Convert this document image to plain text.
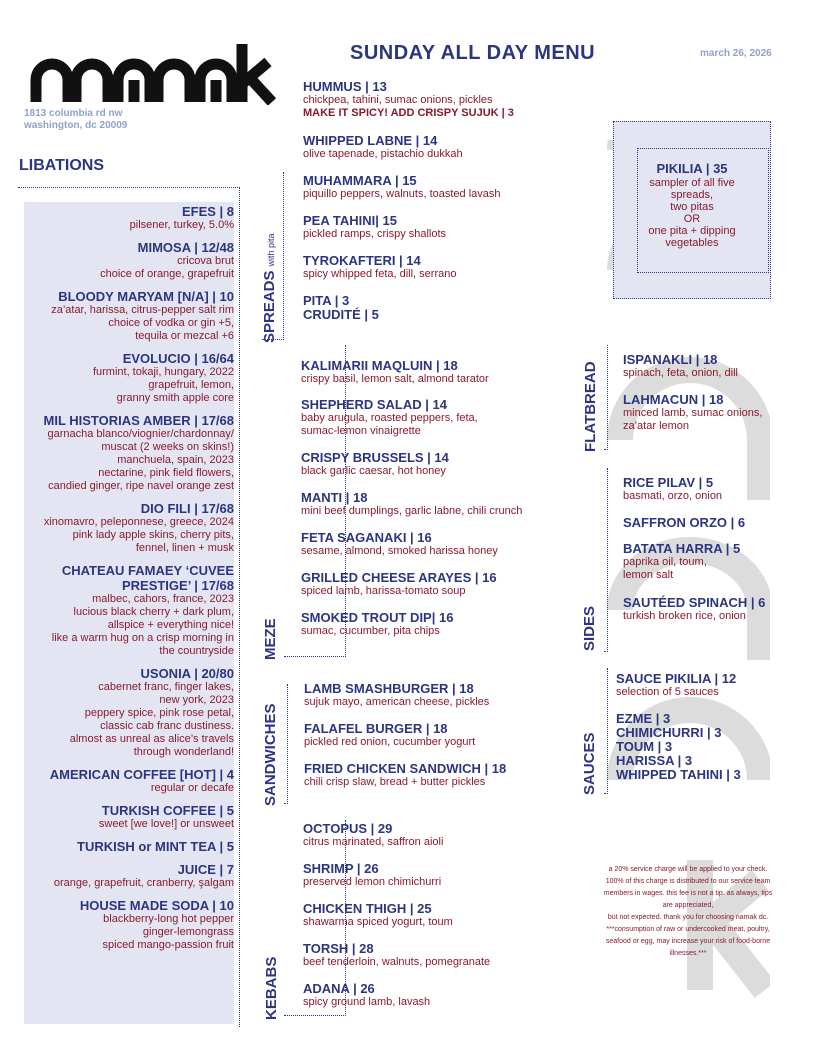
1813 columbia rd nw
washington, dc 20009
SUNDAY ALL DAY MENU	march 26, 2026
LIBATIONS
EFES | 8
pilsener, turkey, 5.0%
MIMOSA | 12/48
cricova brut
choice of orange, grapefruit
BLOODY MARYAM [N/A] | 10
za’atar, harissa, citrus-pepper salt rim
choice of vodka or gin +5,
tequila or mezcal +6
EVOLUCIO | 16/64
furmint, tokaji, hungary, 2022
grapefruit, lemon,
granny smith apple core
MIL HISTORIAS AMBER | 17/68
garnacha blanco/viognier/chardonnay/
muscat (2 weeks on skins!)
manchuela, spain, 2023
nectarine, pink field flowers,
candied ginger, ripe navel orange zest
DIO FILI | 17/68
xinomavro, peleponnese, greece, 2024
pink lady apple skins, cherry pits,
fennel, linen + musk
CHATEAU FAMAEY ‘CUVEE
PRESTIGE’ | 17/68
malbec, cahors, france, 2023
lucious black cherry + dark plum,
allspice + everything nice!
like a warm hug on a crisp morning in
the countryside
USONIA | 20/80
cabernet franc, finger lakes,
new york, 2023
peppery spice, pink rose petal,
classic cab franc dustiness.
almost as unreal as alice’s travels
through wonderland!
AMERICAN COFFEE [HOT] | 4
regular or decafe
TURKISH COFFEE | 5
sweet [we love!] or unsweet
TURKISH or MINT TEA | 5
JUICE | 7
orange, grapefruit, cranberry, şalgam
HOUSE MADE SODA | 10
blackberry-long hot pepper
ginger-lemongrass
spiced mango-passion fruit
SPREADSwith pita
MEZE
SANDWICHES
KEBABS
FLATBREAD
SIDES
SAUCES
HUMMUS | 13
chickpea, tahini, sumac onions, pickles
MAKE IT SPICY! ADD CRISPY SUJUK | 3
WHIPPED LABNE | 14
olive tapenade, pistachio dukkah
MUHAMMARA | 15
piquillo peppers, walnuts, toasted lavash
PEA TAHINI| 15
pickled ramps, crispy shallots
TYROKAFTERI | 14
spicy whipped feta, dill, serrano
PITA | 3
CRUDITÉ | 5
KALIMARII MAQLUIN | 18
crispy basil, lemon salt, almond tarator
SHEPHERD SALAD | 14
baby arugula, roasted peppers, feta,
sumac-lemon vinaigrette
CRISPY BRUSSELS | 14
black garlic caesar, hot honey
MANTI | 18
mini beef dumplings, garlic labne, chili crunch
FETA SAGANAKI | 16
sesame, almond, smoked harissa honey
GRILLED CHEESE ARAYES | 16
spiced lamb, harissa-tomato soup
SMOKED TROUT DIP| 16
sumac, cucumber, pita chips
LAMB SMASHBURGER | 18
sujuk mayo, american cheese, pickles
FALAFEL BURGER | 18
pickled red onion, cucumber yogurt
FRIED CHICKEN SANDWICH | 18
chili crisp slaw, bread + butter pickles
OCTOPUS | 29
citrus marinated, saffron aioli
SHRIMP | 26
preserved lemon chimichurri
CHICKEN THIGH | 25
shawarma spiced yogurt, toum
TORSH | 28
beef tenderloin, walnuts, pomegranate
ADANA | 26
spicy ground lamb, lavash
PIKILIA | 35
sampler of all five
spreads,
two pitas
OR
one pita + dipping
vegetables
ISPANAKLI | 18
spinach, feta, onion, dill
LAHMACUN | 18
minced lamb, sumac onions,
za’atar lemon
RICE PILAV | 5
basmati, orzo, onion
SAFFRON ORZO | 6
BATATA HARRA | 5
paprika oil, toum,
lemon salt
SAUTÉED SPINACH | 6
turkish broken rice, onion
SAUCE PIKILIA | 12
selection of 5 sauces
EZME | 3
CHIMICHURRI | 3
TOUM | 3
HARISSA | 3
WHIPPED TAHINI | 3
a 20% service charge will be applied to your check.
100% of this charge is distributed to our service team
members in wages. this fee is not a tip. as always, tips
are appreciated,
but not expected. thank you for choosing namak dc.
***consumption of raw or undercooked meat, poultry,
seafood or egg, may increase your risk of food-borne
illnesses.***
